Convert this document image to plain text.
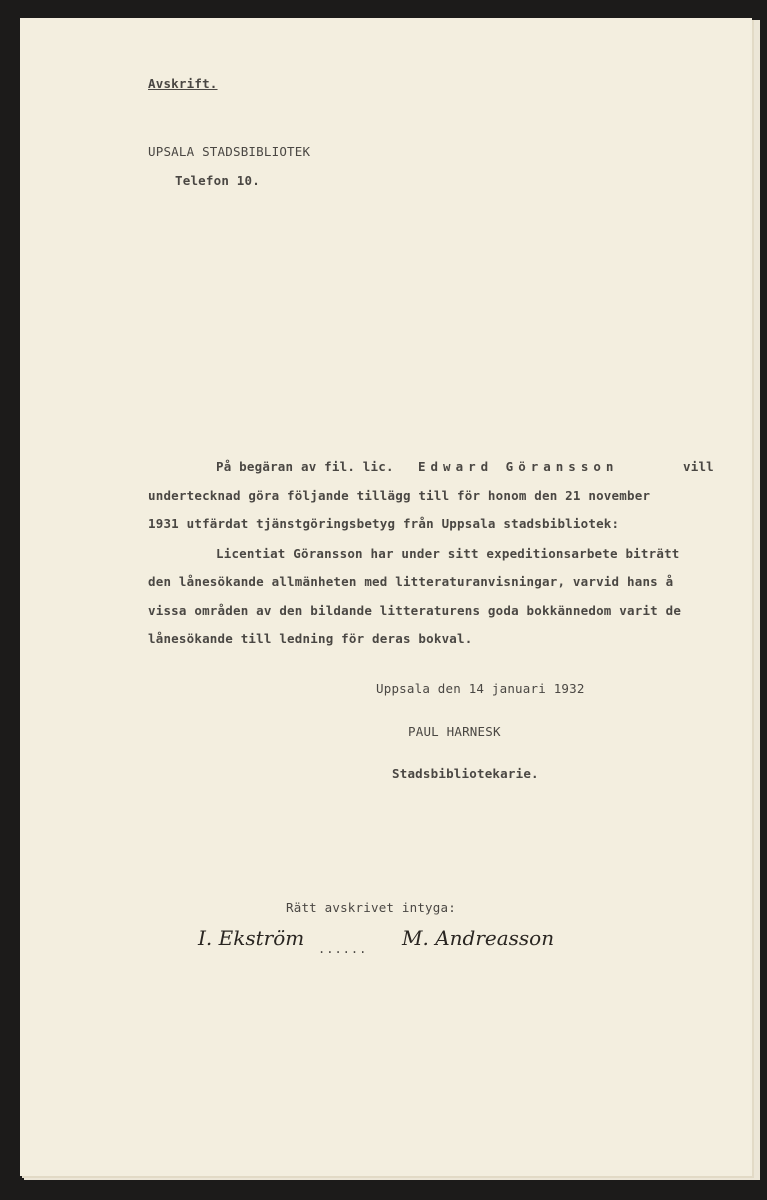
Avskrift.
UPSALA STADSBIBLIOTEK
Telefon 10.
På begäran av fil. lic. Edward Göransson	vill
undertecknad göra följande tillägg till för honom den 21 november
1931 utfärdat tjänstgöringsbetyg från Uppsala stadsbibliotek:
Licentiat Göransson har under sitt expeditionsarbete biträtt
den lånesökande allmänheten med litteraturanvisningar, varvid hans å
vissa områden av den bildande litteraturens goda bokkännedom varit de
lånesökande till ledning för deras bokval.
Uppsala den 14 januari 1932
PAUL HARNESK
Stadsbibliotekarie.
Rätt avskrivet intyga:
I. Ekström ...... M. Andreasson
